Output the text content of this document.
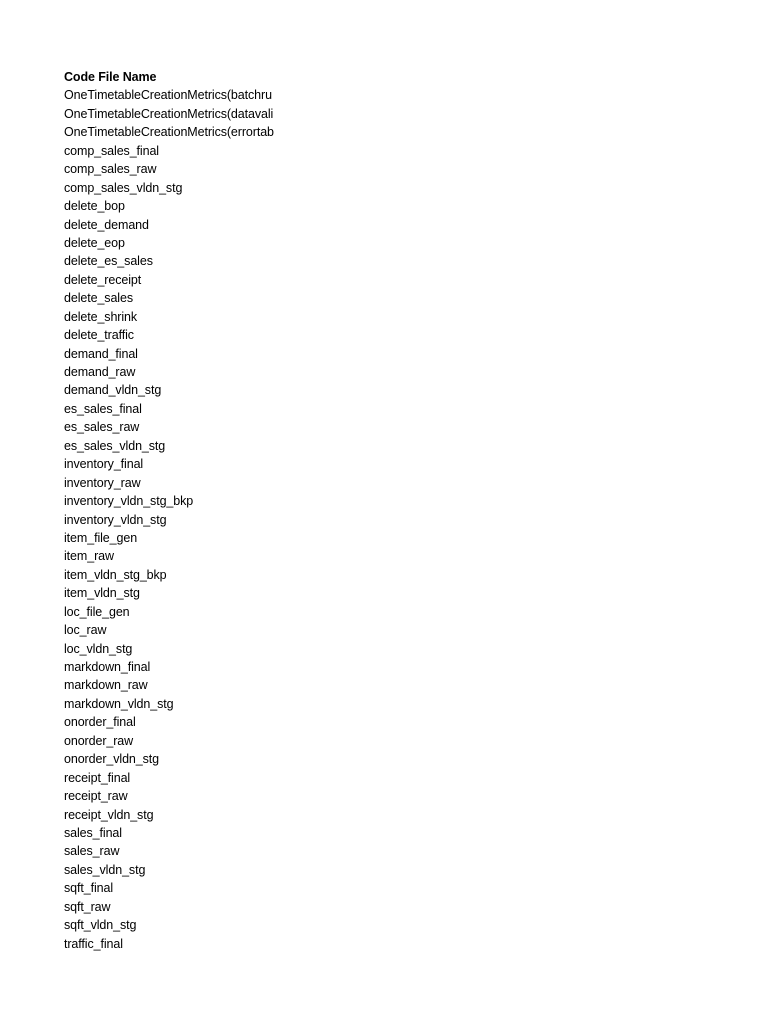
Code File Name
OneTimetableCreationMetrics(batchru
OneTimetableCreationMetrics(datavali
OneTimetableCreationMetrics(errortab
comp_sales_final
comp_sales_raw
comp_sales_vldn_stg
delete_bop
delete_demand
delete_eop
delete_es_sales
delete_receipt
delete_sales
delete_shrink
delete_traffic
demand_final
demand_raw
demand_vldn_stg
es_sales_final
es_sales_raw
es_sales_vldn_stg
inventory_final
inventory_raw
inventory_vldn_stg_bkp
inventory_vldn_stg
item_file_gen
item_raw
item_vldn_stg_bkp
item_vldn_stg
loc_file_gen
loc_raw
loc_vldn_stg
markdown_final
markdown_raw
markdown_vldn_stg
onorder_final
onorder_raw
onorder_vldn_stg
receipt_final
receipt_raw
receipt_vldn_stg
sales_final
sales_raw
sales_vldn_stg
sqft_final
sqft_raw
sqft_vldn_stg
traffic_final
